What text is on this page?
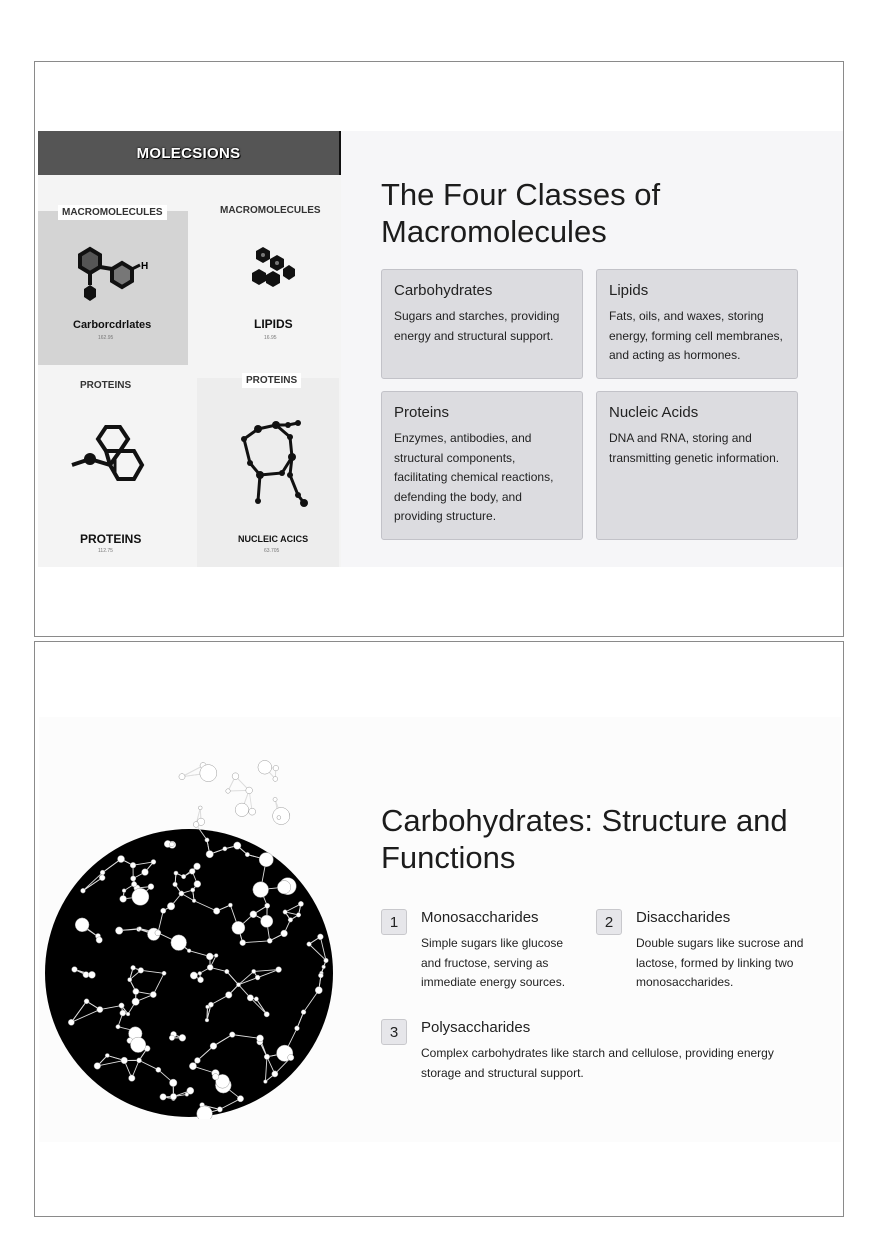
MOLECSIONS
MACROMOLECULES
H
Carborcdrlates
162.95
MACROMOLECULES
LIPIDS
16.95
PROTEINS
PROTEINS
112.75
PROTEINS
NUCLEIC ACICS
63.705
The Four Classes of
Macromolecules
Carbohydrates
Sugars and starches, providing energy and structural support.
Lipids
Fats, oils, and waxes, storing energy, forming cell membranes, and acting as hormones.
Proteins
Enzymes, antibodies, and structural components, facilitating chemical reactions, defending the body, and providing structure.
Nucleic Acids
DNA and RNA, storing and transmitting genetic information.
Carbohydrates: Structure and
Functions
1	Monosaccharides
Simple sugars like glucose and fructose, serving as immediate energy sources.
2	Disaccharides
Double sugars like sucrose and lactose, formed by linking two monosaccharides.
3	Polysaccharides
Complex carbohydrates like starch and cellulose, providing energy storage and structural support.
